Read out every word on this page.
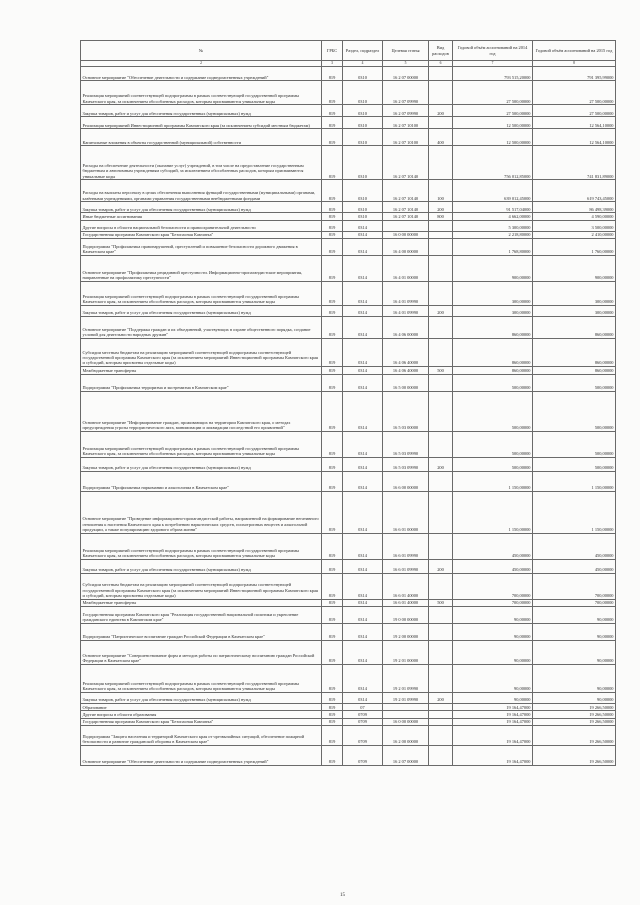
№	ГРБС	Раздел, подраздел	Целевая статья	Вид расходов	Годовой объём ассигнований на 2014 год	Годовой объём ассигнований на 2015 год
2	3	4	5	6	7	8
Основное мероприятие "Обеспечение деятельности и содержание подведомственных учреждений"	819	0310	16 2 07 00000		793 515,20000	791 395,99000
Реализация мероприятий соответствующей подпрограммы в рамках соответствующей государственной программы Камчатского края, за исключением обособленных расходов, которым присваиваются уникальные коды	819	0310	16 2 07 09990		27 500,00000	27 500,00000
Закупка товаров, работ и услуг для обеспечения государственных (муниципальных) нужд	819	0310	16 2 07 09990	200	27 500,00000	27 500,00000
Реализация мероприятий Инвестиционной программы Камчатского края (за исключением субсидий местным бюджетам)	819	0310	16 2 07 10100		12 500,00000	12 564,10000
Капитальные вложения в объекты государственной (муниципальной) собственности	819	0310	16 2 07 10100	400	12 500,00000	12 564,10000
Расходы на обеспечение деятельности (оказание услуг) учреждений, в том числе на предоставление государственным бюджетным и автономным учреждениям субсидий, за исключением обособленных расходов, которым присваиваются уникальные коды	819	0310	16 2 07 10140		756 012,85000	741 831,89000
Расходы на выплаты персоналу в целях обеспечения выполнения функций государственными (муниципальными) органами, казёнными учреждениями, органами управления государственными внебюджетными фондами	819	0310	16 2 07 10140	100	639 012,45000	619 743,45000
Закупка товаров, работ и услуг для обеспечения государственных (муниципальных) нужд	819	0310	16 2 07 10140	200	91 517,04000	86 498,39000
Иные бюджетные ассигнования	819	0310	16 2 07 10140	800	4 662,00000	4 590,00000
Другие вопросы в области национальной безопасности и правоохранительной деятельности	819	0314			5 300,00000	3 500,00000
Государственная программа Камчатского края "Безопасная Камчатка"	819	0314	16 0 00 00000		2 218,80000	2 410,00000
Подпрограмма "Профилактика правонарушений, преступлений и повышение безопасности дорожного движения в Камчатском крае"	819	0314	16 4 00 00000		1 768,80000	1 760,00000
Основное мероприятие "Профилактика рецидивной преступности. Информационно-пропагандистские мероприятия, направленные на профилактику преступности"	819	0314	16 4 01 00000		900,00000	900,00000
Реализация мероприятий соответствующей подпрограммы в рамках соответствующей государственной программы Камчатского края, за исключением обособленных расходов, которым присваиваются уникальные коды	819	0314	16 4 01 09990		300,00000	300,00000
Закупка товаров, работ и услуг для обеспечения государственных (муниципальных) нужд	819	0314	16 4 01 09990	200	300,00000	300,00000
Основное мероприятие "Поддержка граждан и их объединений, участвующих в охране общественного порядка, создание условий для деятельности народных дружин"	819	0314	16 4 06 00000		860,00000	860,00000
Субсидии местным бюджетам на реализацию мероприятий соответствующей подпрограммы соответствующей государственной программы Камчатского края (за исключением мероприятий Инвестиционной программы Камчатского края и субсидий, которым присвоены отдельные коды)	819	0314	16 4 06 40000		860,00000	860,00000
Межбюджетные трансферты	819	0314	16 4 06 40000	500	860,00000	860,00000
Подпрограмма "Профилактика терроризма и экстремизма в Камчатском крае"	819	0314	16 5 00 00000		500,00000	500,00000
Основное мероприятие "Информирование граждан, проживающих на территории Камчатского края, о методах предупреждения угрозы террористического акта, минимизации и ликвидации последствий его проявлений"	819	0314	16 5 03 00000		500,00000	500,00000
Реализация мероприятий соответствующей подпрограммы в рамках соответствующей государственной программы Камчатского края, за исключением обособленных расходов, которым присваиваются уникальные коды	819	0314	16 5 03 09990		500,00000	500,00000
Закупка товаров, работ и услуг для обеспечения государственных (муниципальных) нужд	819	0314	16 5 03 09990	200	500,00000	500,00000
Подпрограмма "Профилактика наркомании и алкоголизма в Камчатском крае"	819	0314	16 6 00 00000		1 150,00000	1 150,00000
Основное мероприятие "Проведение информационно-пропагандистской работы, направленной на формирование негативного отношения к населения Камчатского края к потреблению наркотических средств, психотропных веществ и алкогольной продукции, а также популяризацию здорового образа жизни"	819	0314	16 6 01 00000		1 150,00000	1 150,00000
Реализация мероприятий соответствующей подпрограммы в рамках соответствующей государственной программы Камчатского края, за исключением обособленных расходов, которым присваиваются уникальные коды	819	0314	16 6 01 09990		450,00000	450,00000
Закупка товаров, работ и услуг для обеспечения государственных (муниципальных) нужд	819	0314	16 6 01 09990	200	450,00000	450,00000
Субсидии местным бюджетам на реализацию мероприятий соответствующей подпрограммы соответствующей государственной программы Камчатского края (за исключением мероприятий Инвестиционной программы Камчатского края и субсидий, которым присвоены отдельные коды)	819	0314	16 6 01 40000		700,00000	700,00000
Межбюджетные трансферты	819	0314	16 6 01 40000	500	700,00000	700,00000
Государственная программа Камчатского края "Реализация государственной национальной политики и укрепление гражданского единства в Камчатском крае"	819	0314	19 0 00 00000		90,00000	90,00000
Подпрограмма "Патриотическое воспитание граждан Российской Федерации в Камчатском крае"	819	0314	19 2 00 00000		90,00000	90,00000
Основное мероприятие "Совершенствование форм и методов работы по патриотическому воспитанию граждан Российской Федерации в Камчатском крае"	819	0314	19 2 01 00000		90,00000	90,00000
Реализация мероприятий соответствующей подпрограммы в рамках соответствующей государственной программы Камчатского края, за исключением обособленных расходов, которым присваиваются уникальные коды	819	0314	19 2 01 09990		90,00000	90,00000
Закупка товаров, работ и услуг для обеспечения государственных (муниципальных) нужд	819	0314	19 2 01 09990	200	90,00000	90,00000
Образование	819	07			19 164,47000	19 266,50000
Другие вопросы в области образования	819	0709			19 164,47000	19 266,50000
Государственная программа Камчатского края "Безопасная Камчатка"	819	0709	16 0 00 00000		19 164,47000	19 266,50000
Подпрограмма "Защита населения и территорий Камчатского края от чрезвычайных ситуаций, обеспечение пожарной безопасности и развитие гражданской обороны в Камчатском крае"	819	0709	16 2 00 00000		19 164,47000	19 266,50000
Основное мероприятие "Обеспечение деятельности и содержание подведомственных учреждений"	819	0709	16 2 07 00000		19 164,47000	19 266,50000
15
